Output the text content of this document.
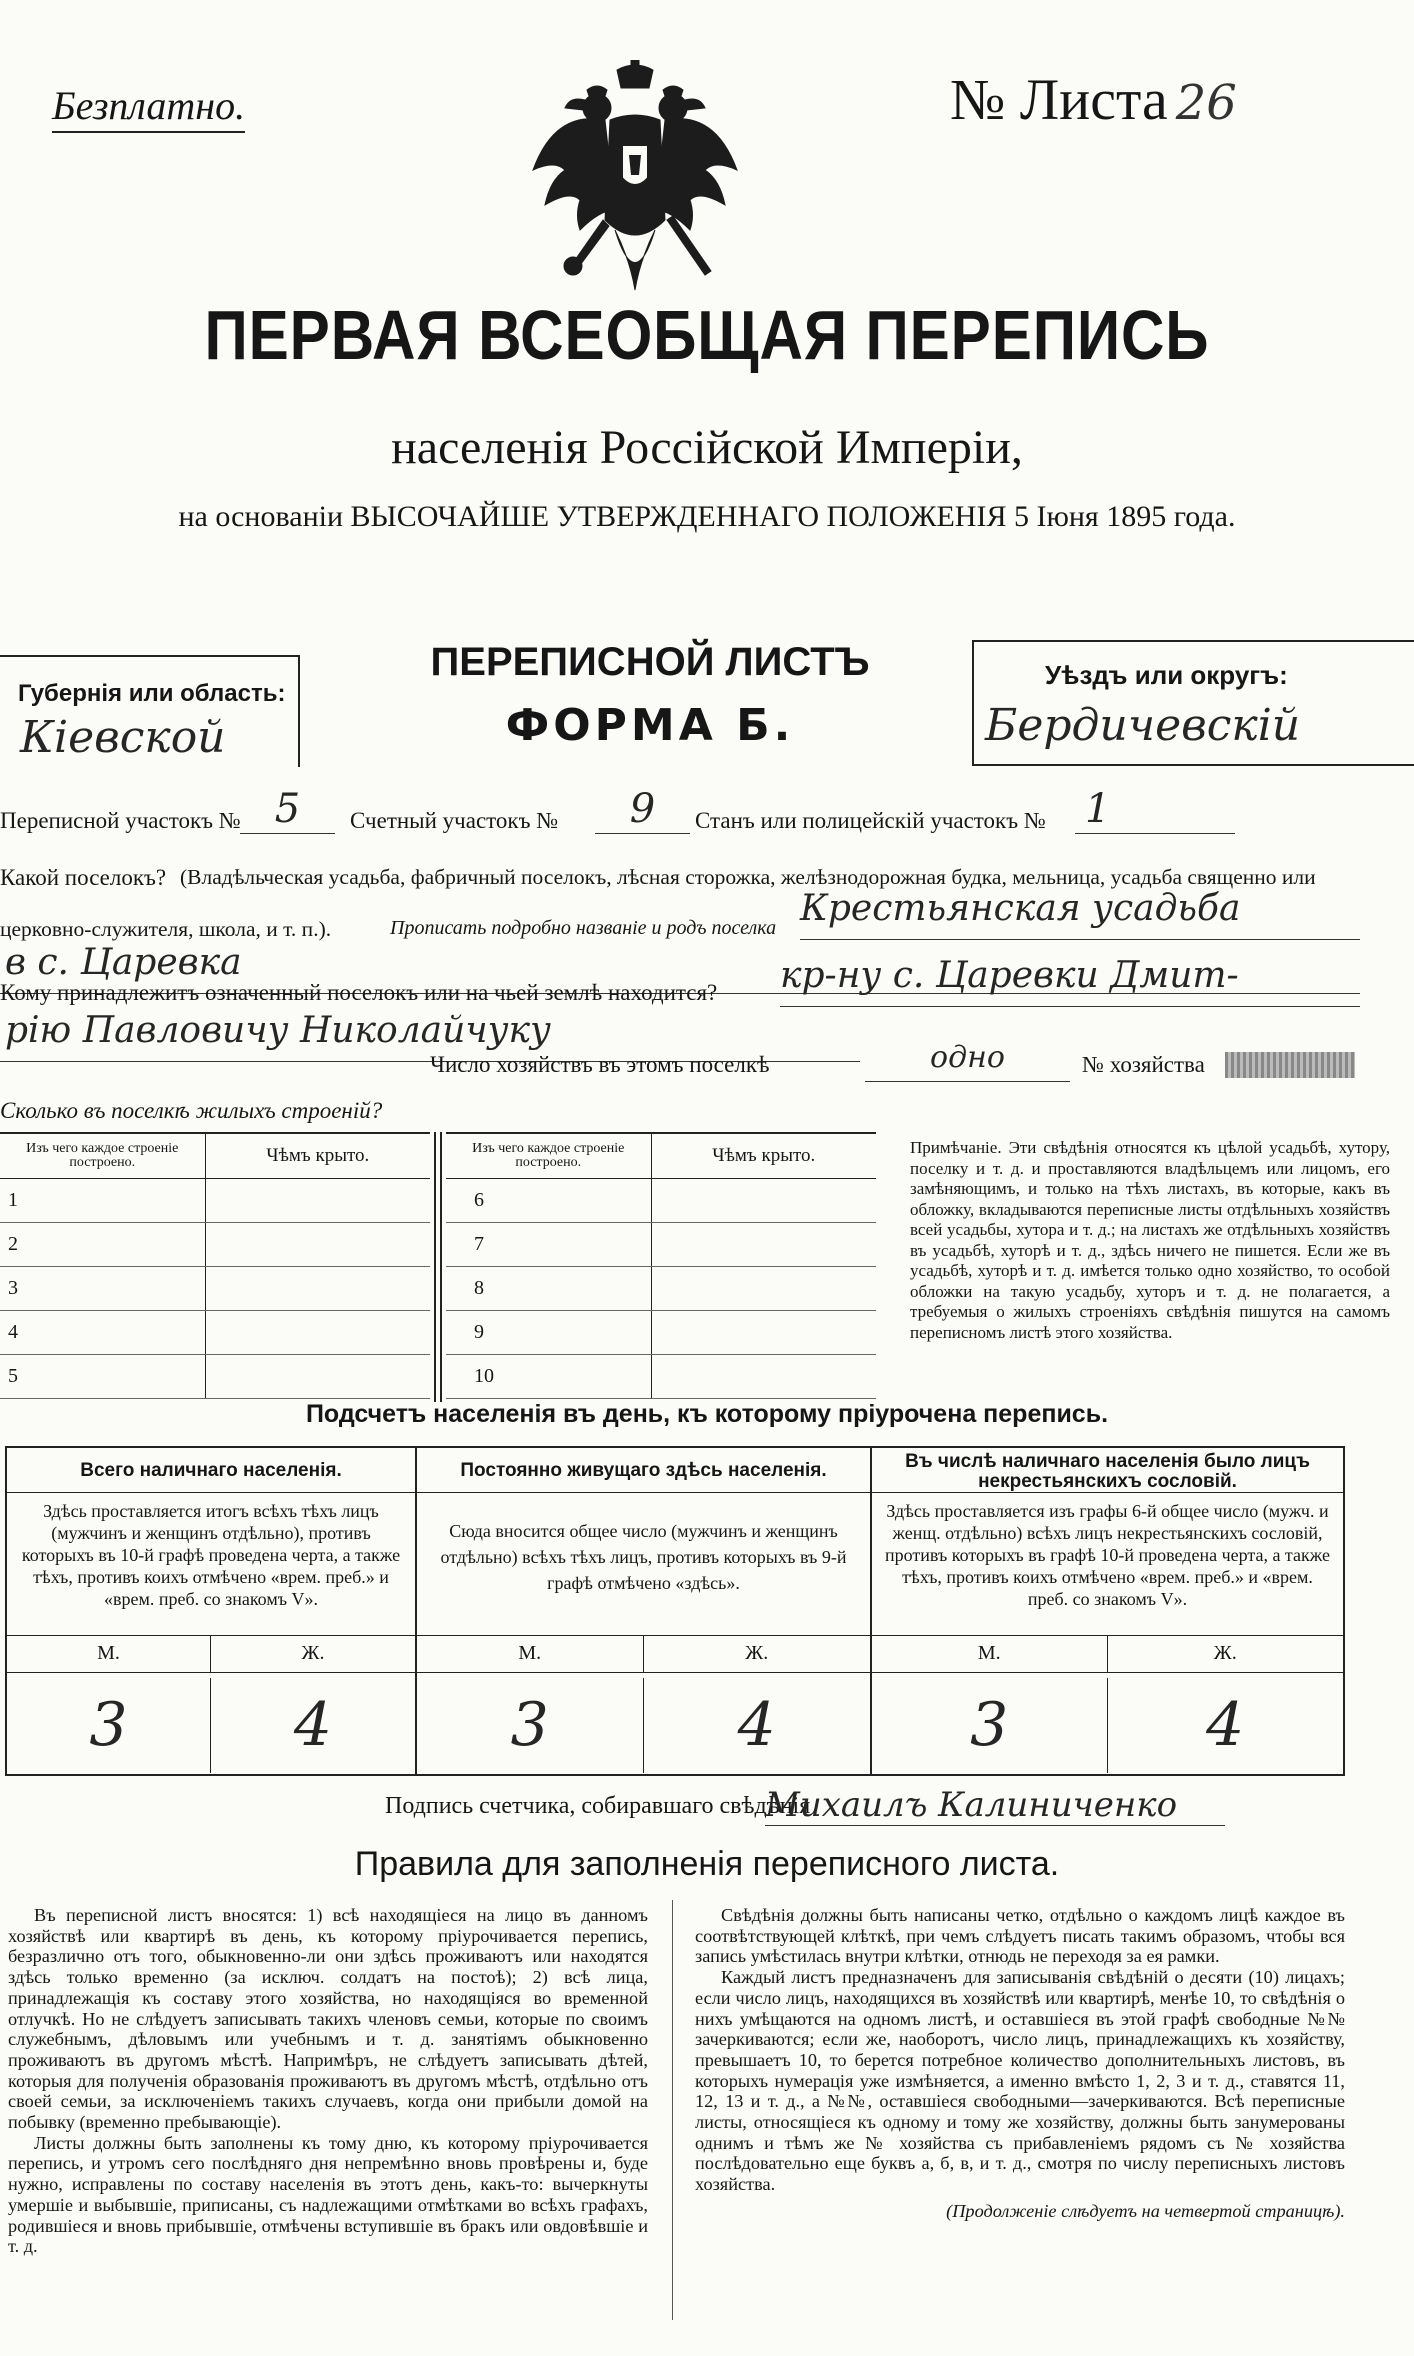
Безплатно.	№ Листа 26
ПЕРВАЯ ВСЕОБЩАЯ ПЕРЕПИСЬ
населенія Россійской Имперіи,
на основаніи ВЫСОЧАЙШЕ УТВЕРЖДЕННАГО ПОЛОЖЕНІЯ 5 Іюня 1895 года.
Губернія или область:
Кіевской
ПЕРЕПИСНОЙ ЛИСТЪ
ФОРМА Б.
Уѣздъ или округъ:
Бердичевскій
Переписной участокъ № 5	Счетный участокъ №	9	Станъ или полицейскій участокъ № 1
Какой поселокъ? (Владѣльческая усадьба, фабричный поселокъ, лѣсная сторожка, желѣзнодорожная будка, мельница, усадьба священно или
церковно-служителя, школа, и т. п.).	Прописать подробно названіе и родъ поселка Крестьянская усадьба
в с. Царевка
Кому принадлежитъ означенный поселокъ или на чьей землѣ находится? кр-ну с. Царевки Дмит-
рію Павловичу Николайчуку
Число хозяйствъ въ этомъ поселкѣ	одно	№ хозяйства
Сколько въ поселкѣ жилыхъ строеній?
Изъ чего каждое строеніе построено.	Чѣмъ крыто.
1	
2	
3	
4	
5	
Изъ чего каждое строеніе построено.	Чѣмъ крыто.
6	
7	
8	
9	
10	
Примѣчаніе. Эти свѣдѣнія относятся къ цѣлой усадьбѣ, хутору, поселку и т. д. и проставляются владѣльцемъ или лицомъ, его замѣняющимъ, и только на тѣхъ листахъ, въ которые, какъ въ обложку, вкладываются переписные листы отдѣльныхъ хозяйствъ всей усадьбы, хутора и т. д.; на листахъ же отдѣльныхъ хозяйствъ въ усадьбѣ, хуторѣ и т. д., здѣсь ничего не пишется. Если же въ усадьбѣ, хуторѣ и т. д. имѣется только одно хозяйство, то особой обложки на такую усадьбу, хуторъ и т. д. не полагается, а требуемыя о жилыхъ строеніяхъ свѣдѣнія пишутся на самомъ переписномъ листѣ этого хозяйства.
Подсчетъ населенія въ день, къ которому пріурочена перепись.
Всего наличнаго населенія.
Здѣсь проставляется итогъ всѣхъ тѣхъ лицъ (мужчинъ и женщинъ отдѣльно), противъ которыхъ въ 10-й графѣ проведена черта, а также тѣхъ, противъ коихъ отмѣчено «врем. преб.» и «врем. преб. со знакомъ V».
М.	Ж.
3	4
Постоянно живущаго здѣсь населенія.
Сюда вносится общее число (мужчинъ и женщинъ отдѣльно) всѣхъ тѣхъ лицъ, противъ которыхъ въ 9-й графѣ отмѣчено «здѣсь».
М.	Ж.
3	4
Въ числѣ наличнаго населенія было лицъ некрестьянскихъ сословій.
Здѣсь проставляется изъ графы 6-й общее число (мужч. и женщ. отдѣльно) всѣхъ лицъ некрестьянскихъ сословій, противъ которыхъ въ графѣ 10-й проведена черта, а также тѣхъ, противъ коихъ отмѣчено «врем. преб.» и «врем. преб. со знакомъ V».
М.	Ж.
3	4
Подпись счетчика, собиравшаго свѣдѣнія
Михаилъ Калиниченко
Правила для заполненія переписного листа.

Въ переписной листъ вносятся: 1) всѣ находящіеся на лицо въ данномъ хозяйствѣ или квартирѣ въ день, къ которому пріурочивается перепись, безразлично отъ того, обыкновенно-ли они здѣсь проживаютъ или находятся здѣсь только временно (за исключ. солдатъ на постоѣ); 2) всѣ лица, принадлежащія къ составу этого хозяйства, но находящіяся во временной отлучкѣ. Но не слѣдуетъ записывать такихъ членовъ семьи, которые по своимъ служебнымъ, дѣловымъ или учебнымъ и т. д. занятіямъ обыкновенно проживаютъ въ другомъ мѣстѣ. Напримѣръ, не слѣдуетъ записывать дѣтей, которыя для полученія образованія проживаютъ въ другомъ мѣстѣ, отдѣльно отъ своей семьи, за исключеніемъ такихъ случаевъ, когда они прибыли домой на побывку (временно пребывающіе).

Листы должны быть заполнены къ тому дню, къ которому пріурочивается перепись, и утромъ сего послѣдняго дня непремѣнно вновь провѣрены и, буде нужно, исправлены по составу населенія въ этотъ день, какъ-то: вычеркнуты умершіе и выбывшіе, приписаны, съ надлежащими отмѣтками во всѣхъ графахъ, родившіеся и вновь прибывшіе, отмѣчены вступившіе въ бракъ или овдовѣвшіе и т. д.

Свѣдѣнія должны быть написаны четко, отдѣльно о каждомъ лицѣ каждое въ соотвѣтствующей клѣткѣ, при чемъ слѣдуетъ писать такимъ образомъ, чтобы вся запись умѣстилась внутри клѣтки, отнюдь не переходя за ея рамки.

Каждый листъ предназначенъ для записыванія свѣдѣній о десяти (10) лицахъ; если число лицъ, находящихся въ хозяйствѣ или квартирѣ, менѣе 10, то свѣдѣнія о нихъ умѣщаются на одномъ листѣ, и оставшіеся въ этой графѣ свободные №№ зачеркиваются; если же, наоборотъ, число лицъ, принадлежащихъ къ хозяйству, превышаетъ 10, то берется потребное количество дополнительныхъ листовъ, въ которыхъ нумерація уже измѣняется, а именно вмѣсто 1, 2, 3 и т. д., ставятся 11, 12, 13 и т. д., а №№, оставшіеся свободными—зачеркиваются. Всѣ переписные листы, относящіеся къ одному и тому же хозяйству, должны быть занумерованы однимъ и тѣмъ же № хозяйства съ прибавленіемъ рядомъ съ № хозяйства послѣдовательно еще буквъ а, б, в, и т. д., смотря по числу переписныхъ листовъ хозяйства.

(Продолженіе слѣдуетъ на четвертой страницѣ).
